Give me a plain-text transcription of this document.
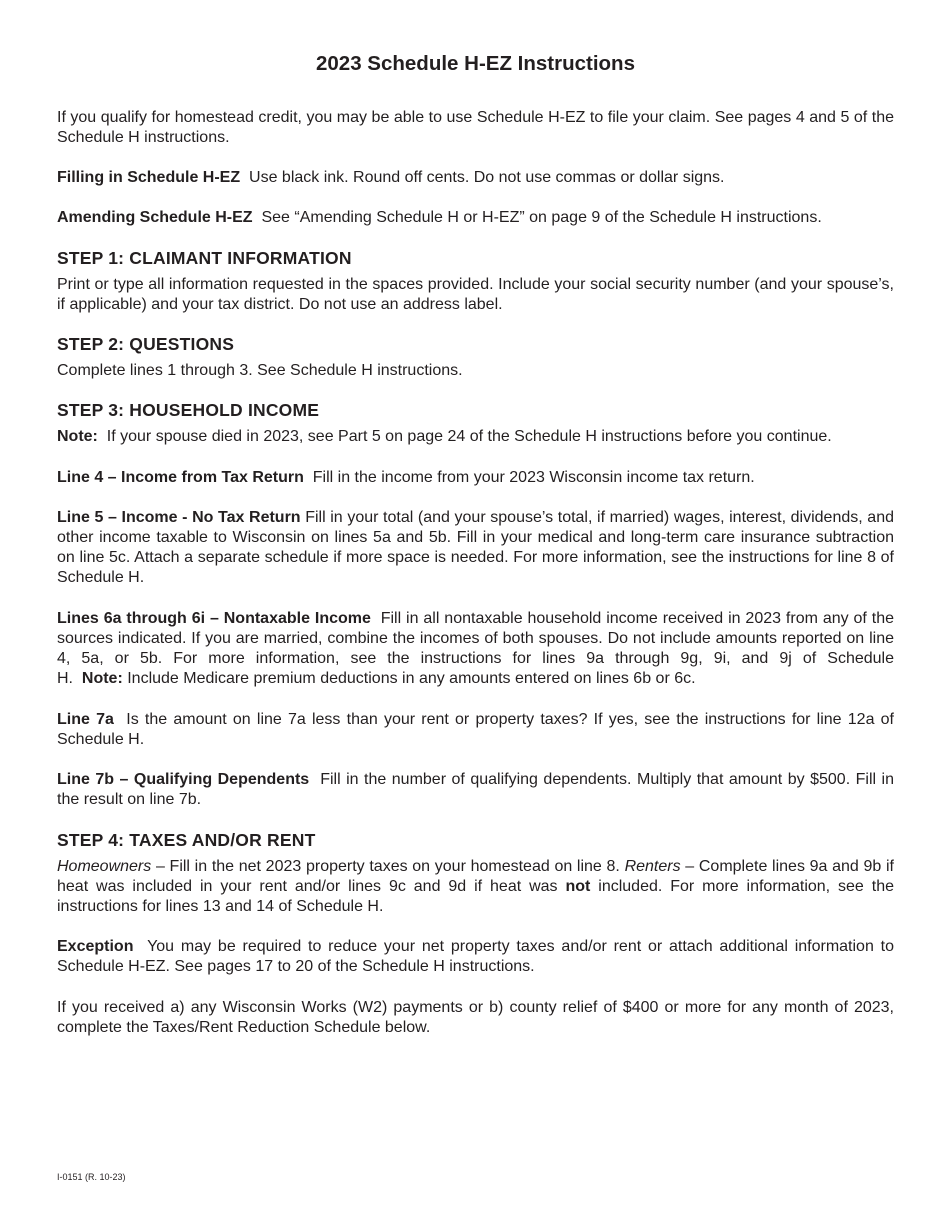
2023 Schedule H-EZ Instructions

If you qualify for homestead credit, you may be able to use Schedule H-EZ to file your claim. See pages 4 and 5 of the Schedule H instructions.

Filling in Schedule H-EZ Use black ink. Round off cents. Do not use commas or dollar signs.

Amending Schedule H-EZ See “Amending Schedule H or H-EZ” on page 9 of the Schedule H instructions.

STEP 1: CLAIMANT INFORMATION

Print or type all information requested in the spaces provided. Include your social security number (and your spouse’s, if applicable) and your tax district. Do not use an address label.

STEP 2: QUESTIONS

Complete lines 1 through 3. See Schedule H instructions.

STEP 3: HOUSEHOLD INCOME

Note: If your spouse died in 2023, see Part 5 on page 24 of the Schedule H instructions before you continue.

Line 4 – Income from Tax Return Fill in the income from your 2023 Wisconsin income tax return.

Line 5 – Income - No Tax Return Fill in your total (and your spouse’s total, if married) wages, interest, dividends, and other income taxable to Wisconsin on lines 5a and 5b. Fill in your medical and long-term care insurance subtraction on line 5c. Attach a separate schedule if more space is needed. For more information, see the instructions for line 8 of Schedule H.

Lines 6a through 6i – Nontaxable Income Fill in all nontaxable household income received in 2023 from any of the sources indicated. If you are married, combine the incomes of both spouses. Do not include amounts reported on line 4, 5a, or 5b. For more information, see the instructions for lines 9a through 9g, 9i, and 9j of Schedule H. Note: Include Medicare premium deductions in any amounts entered on lines 6b or 6c.

Line 7a Is the amount on line 7a less than your rent or property taxes? If yes, see the instructions for line 12a of Schedule H.

Line 7b – Qualifying Dependents Fill in the number of qualifying dependents. Multiply that amount by $500. Fill in the result on line 7b.

STEP 4: TAXES AND/OR RENT

Homeowners – Fill in the net 2023 property taxes on your homestead on line 8. Renters – Complete lines 9a and 9b if heat was included in your rent and/or lines 9c and 9d if heat was not included. For more information, see the instructions for lines 13 and 14 of Schedule H.

Exception You may be required to reduce your net property taxes and/or rent or attach additional information to Schedule H-EZ. See pages 17 to 20 of the Schedule H instructions.

If you received a) any Wisconsin Works (W2) payments or b) county relief of $400 or more for any month of 2023, complete the Taxes/Rent Reduction Schedule below.

I-0151 (R. 10-23)
